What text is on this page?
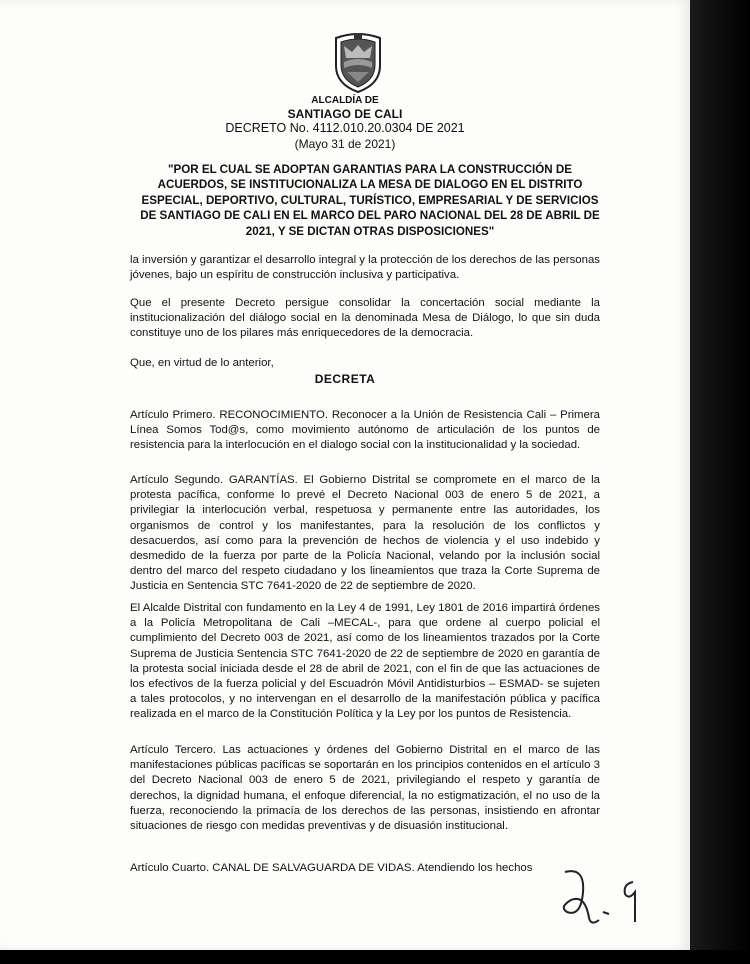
ALCALDÍA DE
SANTIAGO DE CALI
DECRETO No. 4112.010.20.0304 DE 2021
(Mayo 31 de 2021)
"POR EL CUAL SE ADOPTAN GARANTIAS PARA LA CONSTRUCCIÓN DE ACUERDOS, SE INSTITUCIONALIZA LA MESA DE DIALOGO EN EL DISTRITO ESPECIAL, DEPORTIVO, CULTURAL, TURÍSTICO, EMPRESARIAL Y DE SERVICIOS DE SANTIAGO DE CALI EN EL MARCO DEL PARO NACIONAL DEL 28 DE ABRIL DE 2021, Y SE DICTAN OTRAS DISPOSICIONES"

la inversión y garantizar el desarrollo integral y la protección de los derechos de las personas jóvenes, bajo un espíritu de construcción inclusiva y participativa.

Que el presente Decreto persigue consolidar la concertación social mediante la institucionalización del diálogo social en la denominada Mesa de Diálogo, lo que sin duda constituye uno de los pilares más enriquecedores de la democracia.

Que, en virtud de lo anterior,

DECRETA

Artículo Primero. RECONOCIMIENTO. Reconocer a la Unión de Resistencia Cali – Primera Línea Somos Tod@s, como movimiento autónomo de articulación de los puntos de resistencia para la interlocución en el dialogo social con la institucionalidad y la sociedad.

Artículo Segundo. GARANTÍAS. El Gobierno Distrital se compromete en el marco de la protesta pacífica, conforme lo prevé el Decreto Nacional 003 de enero 5 de 2021, a privilegiar la interlocución verbal, respetuosa y permanente entre las autoridades, los organismos de control y los manifestantes, para la resolución de los conflictos y desacuerdos, así como para la prevención de hechos de violencia y el uso indebido y desmedido de la fuerza por parte de la Policía Nacional, velando por la inclusión social dentro del marco del respeto ciudadano y los lineamientos que traza la Corte Suprema de Justicia en Sentencia STC 7641-2020 de 22 de septiembre de 2020.

El Alcalde Distrital con fundamento en la Ley 4 de 1991, Ley 1801 de 2016 impartirá órdenes a la Policía Metropolitana de Cali –MECAL-, para que ordene al cuerpo policial el cumplimiento del Decreto 003 de 2021, así como de los lineamientos trazados por la Corte Suprema de Justicia Sentencia STC 7641-2020 de 22 de septiembre de 2020 en garantía de la protesta social iniciada desde el 28 de abril de 2021, con el fin de que las actuaciones de los efectivos de la fuerza policial y del Escuadrón Móvil Antidisturbios – ESMAD- se sujeten a tales protocolos, y no intervengan en el desarrollo de la manifestación pública y pacífica realizada en el marco de la Constitución Política y la Ley por los puntos de Resistencia.

Artículo Tercero. Las actuaciones y órdenes del Gobierno Distrital en el marco de las manifestaciones públicas pacíficas se soportarán en los principios contenidos en el artículo 3 del Decreto Nacional 003 de enero 5 de 2021, privilegiando el respeto y garantía de derechos, la dignidad humana, el enfoque diferencial, la no estigmatización, el no uso de la fuerza, reconociendo la primacía de los derechos de las personas, insistiendo en afrontar situaciones de riesgo con medidas preventivas y de disuasión institucional.

Artículo Cuarto. CANAL DE SALVAGUARDA DE VIDAS. Atendiendo los hechos
